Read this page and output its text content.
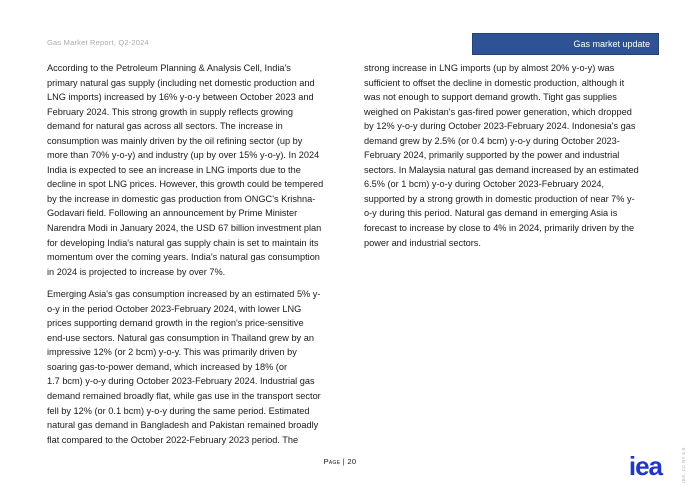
Gas Market Report, Q2-2024	Gas market update
According to the Petroleum Planning & Analysis Cell, India's
primary natural gas supply (including net domestic production and
LNG imports) increased by 16% y-o-y between October 2023 and
February 2024. This strong growth in supply reflects growing
demand for natural gas across all sectors. The increase in
consumption was mainly driven by the oil refining sector (up by
more than 70% y-o-y) and industry (up by over 15% y-o-y). In 2024
India is expected to see an increase in LNG imports due to the
decline in spot LNG prices. However, this growth could be tempered
by the increase in domestic gas production from ONGC's Krishna-
Godavari field. Following an announcement by Prime Minister
Narendra Modi in January 2024, the USD 67 billion investment plan
for developing India's natural gas supply chain is set to maintain its
momentum over the coming years. India's natural gas consumption
in 2024 is projected to increase by over 7%.
Emerging Asia's gas consumption increased by an estimated 5% y-
o-y in the period October 2023-February 2024, with lower LNG
prices supporting demand growth in the region's price-sensitive
end-use sectors. Natural gas consumption in Thailand grew by an
impressive 12% (or 2 bcm) y-o-y. This was primarily driven by
soaring gas-to-power demand, which increased by 18% (or
1.7 bcm) y-o-y during October 2023-February 2024. Industrial gas
demand remained broadly flat, while gas use in the transport sector
fell by 12% (or 0.1 bcm) y-o-y during the same period. Estimated
natural gas demand in Bangladesh and Pakistan remained broadly
flat compared to the October 2022-February 2023 period. The
strong increase in LNG imports (up by almost 20% y-o-y) was
sufficient to offset the decline in domestic production, although it
was not enough to support demand growth. Tight gas supplies
weighed on Pakistan's gas-fired power generation, which dropped
by 12% y-o-y during October 2023-February 2024. Indonesia's gas
demand grew by 2.5% (or 0.4 bcm) y-o-y during October 2023-
February 2024, primarily supported by the power and industrial
sectors. In Malaysia natural gas demand increased by an estimated
6.5% (or 1 bcm) y-o-y during October 2023-February 2024,
supported by a strong growth in domestic production of near 7% y-
o-y during this period. Natural gas demand in emerging Asia is
forecast to increase by close to 4% in 2024, primarily driven by the
power and industrial sectors.
Page | 20	iea	IEA. CC BY 4.0.
